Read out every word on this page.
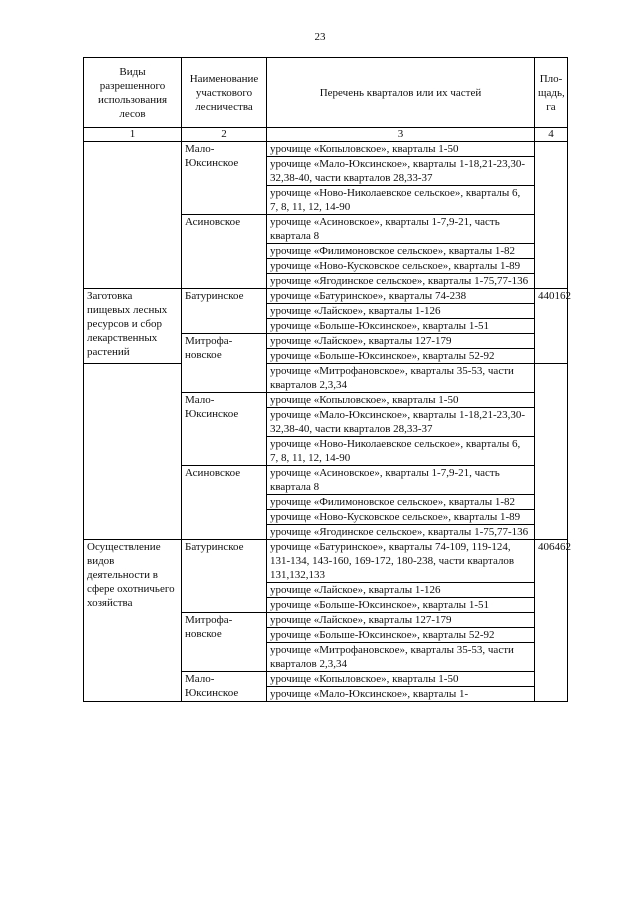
23
Виды разрешенного использования лесов	Наименование участкового лесничества	Перечень кварталов или их частей	Пло-щадь, га
1	2	3	4
	Мало-Юксинское	урочище «Копыловское», кварталы 1-50	
		урочище «Мало-Юксинское», кварталы 1-18,21-23,30-32,38-40, части кварталов 28,33-37	
		урочище «Ново-Николаевское сельское», кварталы 6, 7, 8, 11, 12, 14-90	
	Асиновское	урочище «Асиновское», кварталы 1-7,9-21, часть квартала 8	
		урочище «Филимоновское сельское», кварталы 1-82	
		урочище «Ново-Кусковское сельское», кварталы 1-89	
		урочище «Ягодинское сельское», кварталы 1-75,77-136	
Заготовка пищевых лесных ресурсов и сбор лекарственных растений	Батуринское	урочище «Батуринское», кварталы 74-238	440162
		урочище «Лайское», кварталы 1-126	
		урочище «Больше-Юксинское», кварталы 1-51	
	Митрофа-новское	урочище «Лайское», кварталы 127-179	
		урочище «Больше-Юксинское», кварталы 52-92	
		урочище «Митрофановское», кварталы 35-53, части кварталов 2,3,34	
	Мало-Юксинское	урочище «Копыловское», кварталы 1-50	
		урочище «Мало-Юксинское», кварталы 1-18,21-23,30-32,38-40, части кварталов 28,33-37	
		урочище «Ново-Николаевское сельское», кварталы 6, 7, 8, 11, 12, 14-90	
	Асиновское	урочище «Асиновское», кварталы 1-7,9-21, часть квартала 8	
		урочище «Филимоновское сельское», кварталы 1-82	
		урочище «Ново-Кусковское сельское», кварталы 1-89	
		урочище «Ягодинское сельское», кварталы 1-75,77-136	
Осуществление видов деятельности в сфере охотничьего хозяйства	Батуринское	урочище «Батуринское», кварталы 74-109, 119-124, 131-134, 143-160, 169-172, 180-238, части кварталов 131,132,133	406462
		урочище «Лайское», кварталы 1-126	
		урочище «Больше-Юксинское», кварталы 1-51	
	Митрофа-новское	урочище «Лайское», кварталы 127-179	
		урочище «Больше-Юксинское», кварталы 52-92	
		урочище «Митрофановское», кварталы 35-53, части кварталов 2,3,34	
	Мало-Юксинское	урочище «Копыловское», кварталы 1-50	
		урочище «Мало-Юксинское», кварталы 1-	
